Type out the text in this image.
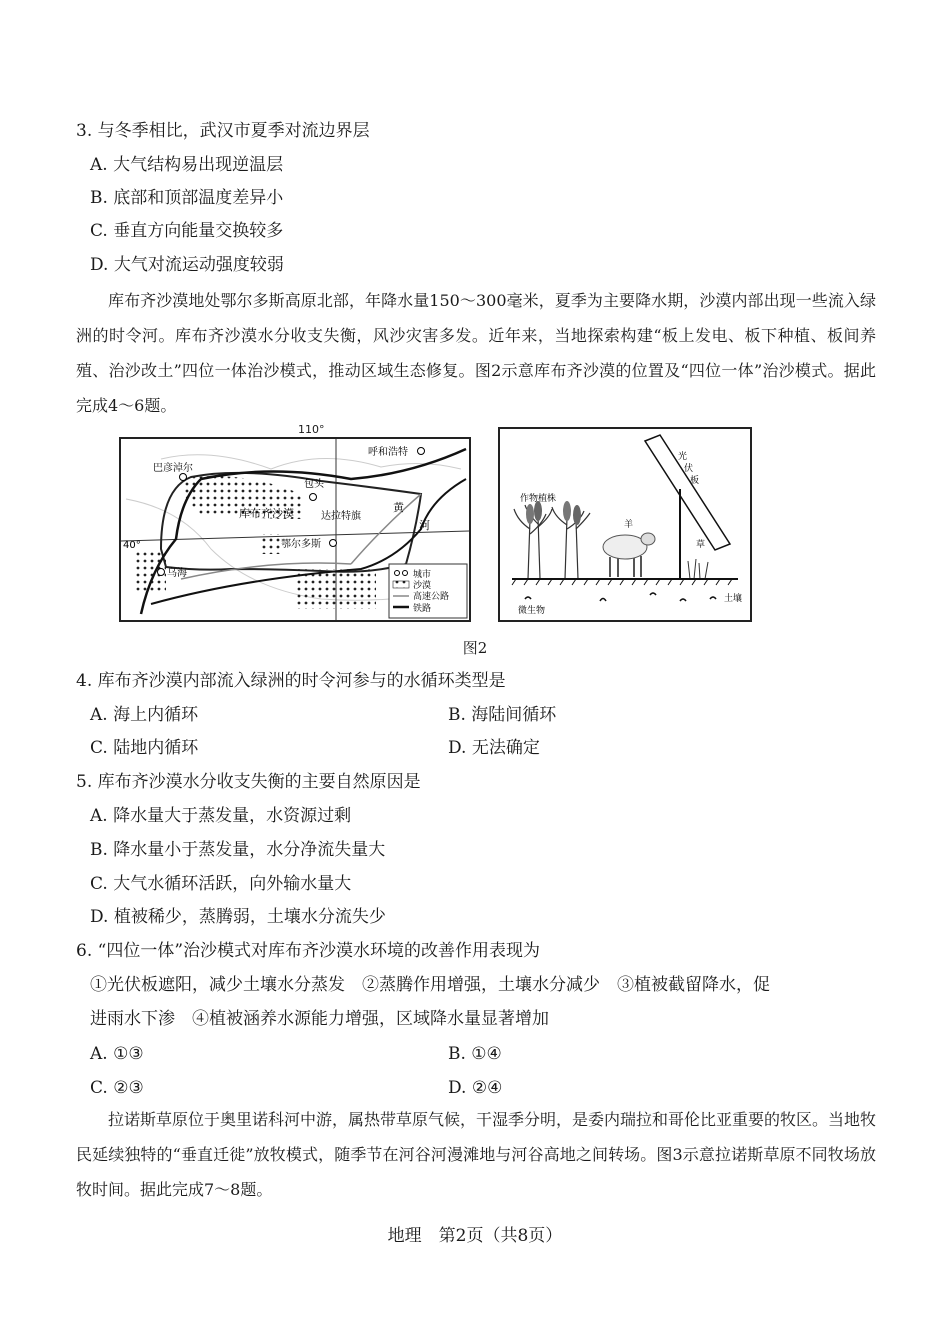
3. 与冬季相比，武汉市夏季对流边界层
A. 大气结构易出现逆温层
B. 底部和顶部温度差异小
C. 垂直方向能量交换较多
D. 大气对流运动强度较弱

库布齐沙漠地处鄂尔多斯高原北部，年降水量150～300毫米，夏季为主要降水期，沙漠内部出现一些流入绿洲的时令河。库布齐沙漠水分收支失衡，风沙灾害多发。近年来，当地探索构建“板上发电、板下种植、板间养殖、治沙改土”四位一体治沙模式，推动区域生态修复。图2示意库布齐沙漠的位置及“四位一体”治沙模式。据此完成4～6题。

巴彦淖尔
包头
呼和浩特
乌海
鄂尔多斯
库布齐沙漠	达拉特旗
黄
河
40°
城市
沙漠
高速公路
铁路
110°
光伏板
作物植株
羊
草
微生物
土壤
图2
4. 库布齐沙漠内部流入绿洲的时令河参与的水循环类型是
A. 海上内循环	B. 海陆间循环
C. 陆地内循环	D. 无法确定
5. 库布齐沙漠水分收支失衡的主要自然原因是
A. 降水量大于蒸发量，水资源过剩
B. 降水量小于蒸发量，水分净流失量大
C. 大气水循环活跃，向外输水量大
D. 植被稀少，蒸腾弱，土壤水分流失少
6. “四位一体”治沙模式对库布齐沙漠水环境的改善作用表现为
①光伏板遮阳，减少土壤水分蒸发　②蒸腾作用增强，土壤水分减少　③植被截留降水，促
进雨水下渗　④植被涵养水源能力增强，区域降水量显著增加
A. ①③	B. ①④
C. ②③	D. ②④

拉诺斯草原位于奥里诺科河中游，属热带草原气候，干湿季分明，是委内瑞拉和哥伦比亚重要的牧区。当地牧民延续独特的“垂直迁徙”放牧模式，随季节在河谷河漫滩地与河谷高地之间转场。图3示意拉诺斯草原不同牧场放牧时间。据此完成7～8题。

地理　第2页（共8页）
